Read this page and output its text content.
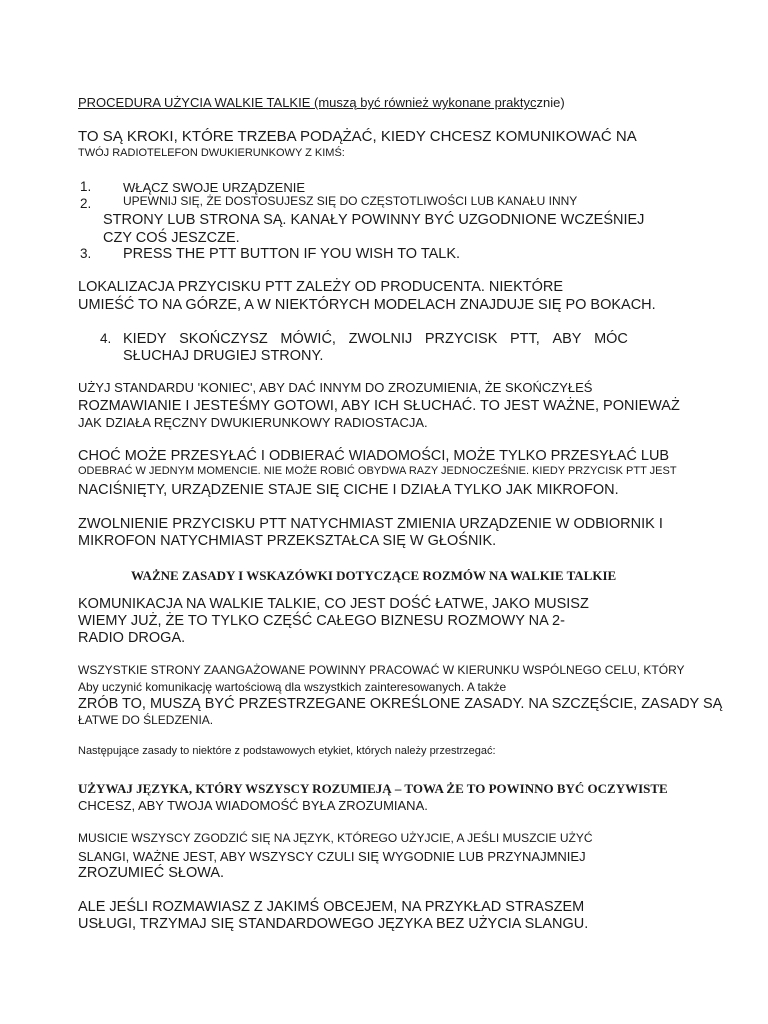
PROCEDURA UŻYCIA WALKIE TALKIE (muszą być również wykonane praktycznie)
TO SĄ KROKI, KTÓRE TRZEBA PODĄŻAĆ, KIEDY CHCESZ KOMUNIKOWAĆ NA
TWÓJ RADIOTELEFON DWUKIERUNKOWY Z KIMŚ:
1. WŁĄCZ SWOJE URZĄDZENIE
2.	UPEWNIJ SIĘ, ŻE DOSTOSUJESZ SIĘ DO CZĘSTOTLIWOŚCI LUB KANAŁU INNY
STRONY LUB STRONA SĄ. KANAŁY POWINNY BYĆ UZGODNIONE WCZEŚNIEJ
CZY COŚ JESZCZE.
3. PRESS THE PTT BUTTON IF YOU WISH TO TALK.
LOKALIZACJA PRZYCISKU PTT ZALEŻY OD PRODUCENTA. NIEKTÓRE
UMIEŚĆ TO NA GÓRZE, A W NIEKTÓRYCH MODELACH ZNAJDUJE SIĘ PO BOKACH.
4. KIEDY SKOŃCZYSZ MÓWIĆ, ZWOLNIJ PRZYCISK PTT, ABY MÓC
SŁUCHAJ DRUGIEJ STRONY.
UŻYJ STANDARDU 'KONIEC', ABY DAĆ INNYM DO ZROZUMIENIA, ŻE SKOŃCZYŁEŚ
ROZMAWIANIE I JESTEŚMY GOTOWI, ABY ICH SŁUCHAĆ. TO JEST WAŻNE, PONIEWAŻ
JAK DZIAŁA RĘCZNY DWUKIERUNKOWY RADIOSTACJA.
CHOĆ MOŻE PRZESYŁAĆ I ODBIERAĆ WIADOMOŚCI, MOŻE TYLKO PRZESYŁAĆ LUB
ODEBRAĆ W JEDNYM MOMENCIE. NIE MOŻE ROBIĆ OBYDWA RAZY JEDNOCZEŚNIE. KIEDY PRZYCISK PTT JEST
NACIŚNIĘTY, URZĄDZENIE STAJE SIĘ CICHE I DZIAŁA TYLKO JAK MIKROFON.
ZWOLNIENIE PRZYCISKU PTT NATYCHMIAST ZMIENIA URZĄDZENIE W ODBIORNIK I
MIKROFON NATYCHMIAST PRZEKSZTAŁCA SIĘ W GŁOŚNIK.
WAŻNE ZASADY I WSKAZÓWKI DOTYCZĄCE ROZMÓW NA WALKIE TALKIE
KOMUNIKACJA NA WALKIE TALKIE, CO JEST DOŚĆ ŁATWE, JAKO MUSISZ
WIEMY JUŻ, ŻE TO TYLKO CZĘŚĆ CAŁEGO BIZNESU ROZMOWY NA 2-
RADIO DROGA.
WSZYSTKIE STRONY ZAANGAŻOWANE POWINNY PRACOWAĆ W KIERUNKU WSPÓLNEGO CELU, KTÓRY
Aby uczynić komunikację wartościową dla wszystkich zainteresowanych. A także
ZRÓB TO, MUSZĄ BYĆ PRZESTRZEGANE OKREŚLONE ZASADY. NA SZCZĘŚCIE, ZASADY SĄ
ŁATWE DO ŚLEDZENIA.
Następujące zasady to niektóre z podstawowych etykiet, których należy przestrzegać:
UŻYWAJ JĘZYKA, KTÓRY WSZYSCY ROZUMIEJĄ – TOWA ŻE TO POWINNO BYĆ OCZYWISTE
CHCESZ, ABY TWOJA WIADOMOŚĆ BYŁA ZROZUMIANA.
MUSICIE WSZYSCY ZGODZIĆ SIĘ NA JĘZYK, KTÓREGO UŻYJCIE, A JEŚLI MUSZCIE UŻYĆ
SLANGI, WAŻNE JEST, ABY WSZYSCY CZULI SIĘ WYGODNIE LUB PRZYNAJMNIEJ
ZROZUMIEĆ SŁOWA.
ALE JEŚLI ROZMAWIASZ Z JAKIMŚ OBCEJEM, NA PRZYKŁAD STRASZEM
USŁUGI, TRZYMAJ SIĘ STANDARDOWEGO JĘZYKA BEZ UŻYCIA SLANGU.
